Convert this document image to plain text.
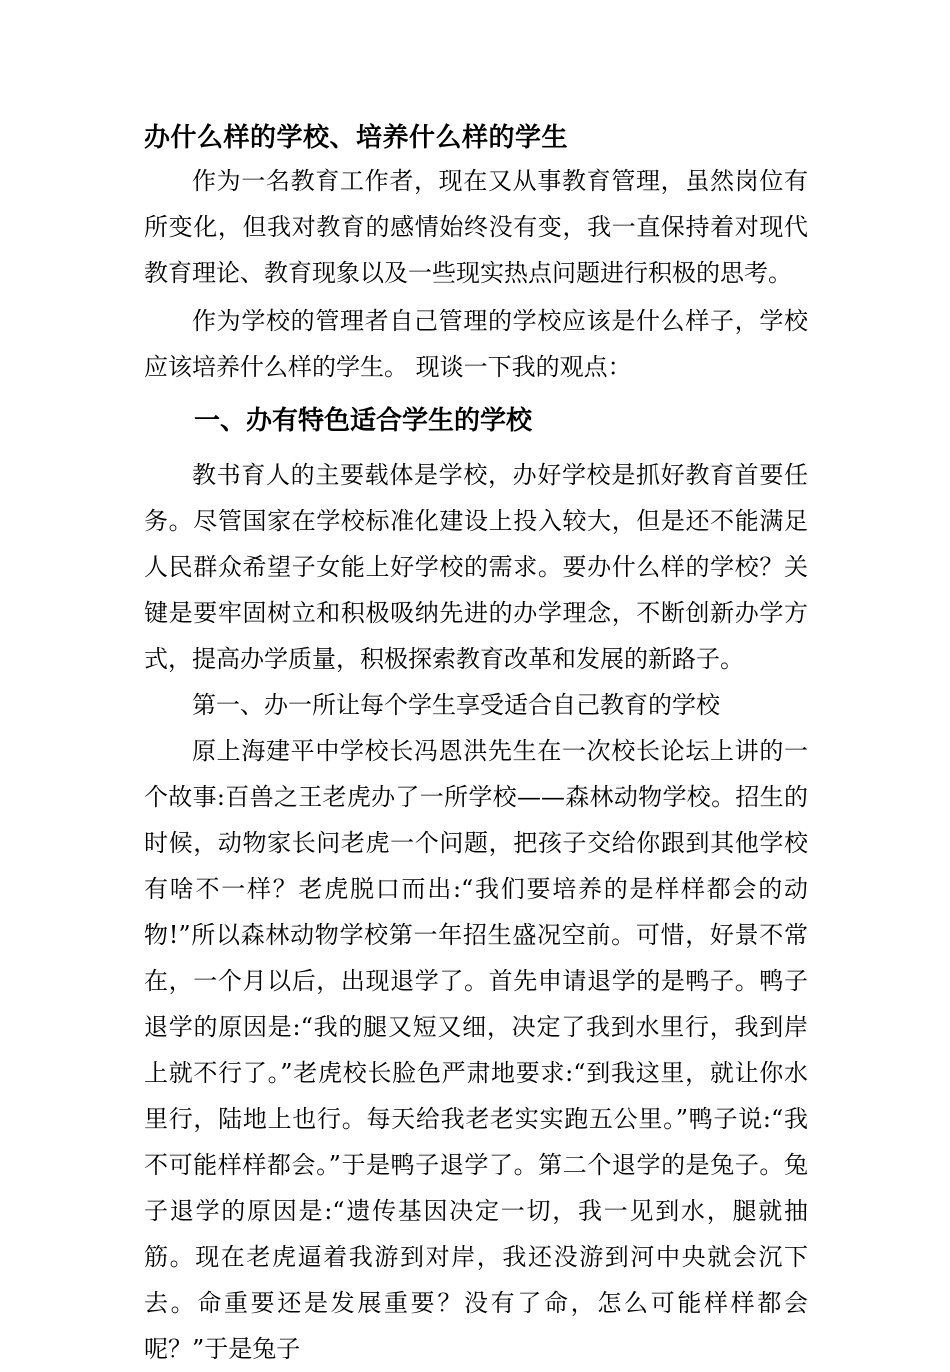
办什么样的学校、培养什么样的学生

作为一名教育工作者，现在又从事教育管理，虽然岗位有所变化，但我对教育的感情始终没有变，我一直保持着对现代教育理论、教育现象以及一些现实热点问题进行积极的思考。

作为学校的管理者自己管理的学校应该是什么样子，学校应该培养什么样的学生。 现谈一下我的观点：

一、办有特色适合学生的学校

教书育人的主要载体是学校，办好学校是抓好教育首要任务。尽管国家在学校标准化建设上投入较大，但是还不能满足人民群众希望子女能上好学校的需求。要办什么样的学校？关键是要牢固树立和积极吸纳先进的办学理念，不断创新办学方式，提高办学质量，积极探索教育改革和发展的新路子。

第一、办一所让每个学生享受适合自己教育的学校

原上海建平中学校长冯恩洪先生在一次校长论坛上讲的一个故事:百兽之王老虎办了一所学校——森林动物学校。招生的时候，动物家长问老虎一个问题，把孩子交给你跟到其他学校有啥不一样？老虎脱口而出:“我们要培养的是样样都会的动物!”所以森林动物学校第一年招生盛况空前。可惜，好景不常在，一个月以后，出现退学了。首先申请退学的是鸭子。鸭子退学的原因是:“我的腿又短又细，决定了我到水里行，我到岸上就不行了。”老虎校长脸色严肃地要求:“到我这里，就让你水里行，陆地上也行。每天给我老老实实跑五公里。”鸭子说:“我不可能样样都会。”于是鸭子退学了。第二个退学的是兔子。兔子退学的原因是:“遗传基因决定一切，我一见到水，腿就抽筋。现在老虎逼着我游到对岸，我还没游到河中央就会沉下去。命重要还是发展重要？没有了命，怎么可能样样都会呢？”于是兔子
